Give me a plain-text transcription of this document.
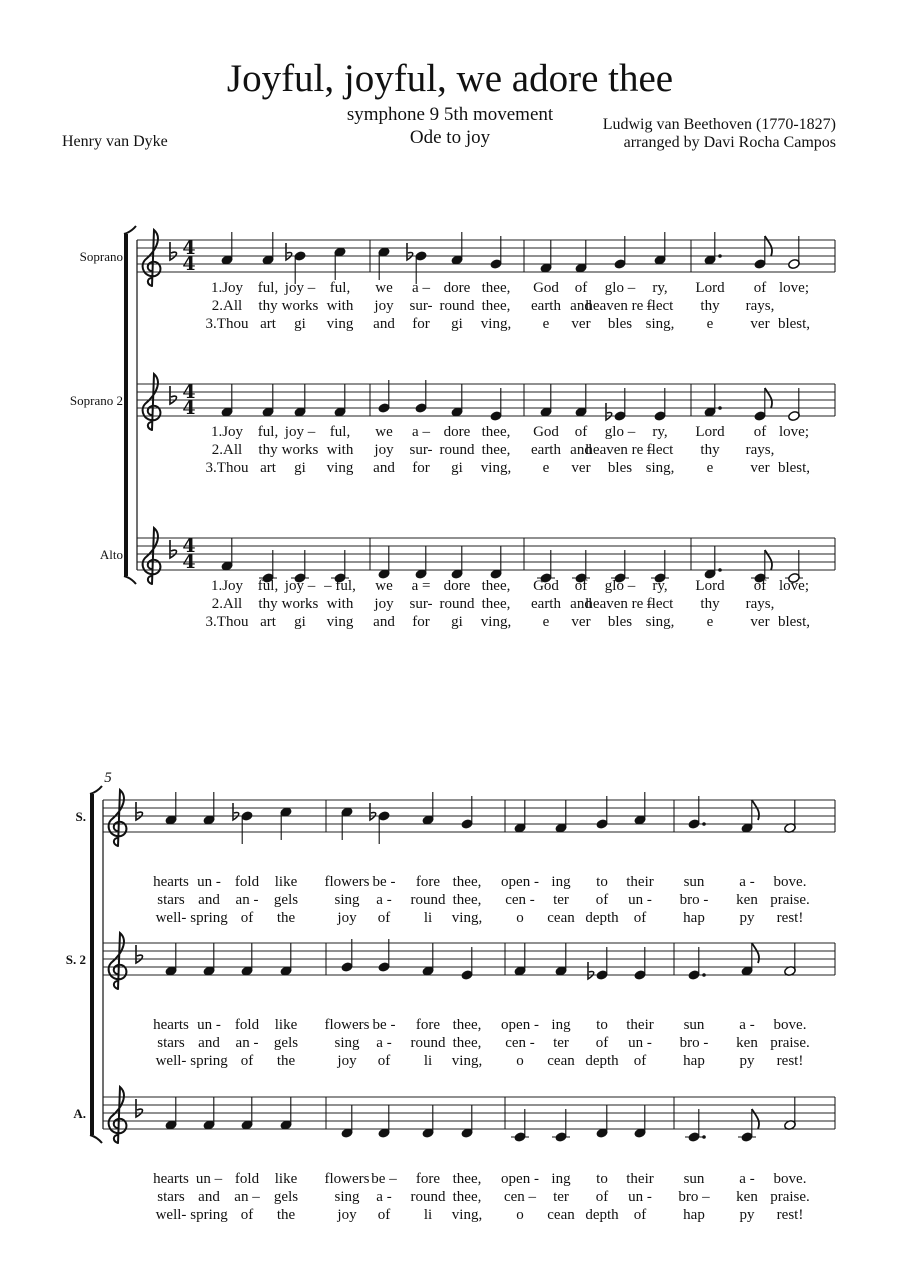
Joyful, joyful, we adore thee
symphone 9 5th movement
Ode to joy
Ludwig van Beethoven (1770-1827)
arranged by Davi Rocha Campos
Henry van Dyke
Soprano	4
4
1.Joy ful, joy – ful, we a – dore thee, God of glo – ry, Lord of love;
2.All thy works with joy sur- round thee, earth and
heaven re –
flect thy rays,
3.Thou art gi ving and for gi ving, e ver bles sing, e ver blest,
Soprano 2	4
4
1.Joy ful, joy – ful, we a – dore thee, God of glo – ry, Lord of love;
2.All thy works with joy sur- round thee, earth and
heaven re –
flect thy rays,
3.Thou art gi ving and for gi ving, e ver bles sing, e ver blest,
Alto	4
4
1.Joy ful, joy – – ful, we a = dore thee, God of glo – ry, Lord of love;
2.All thy works with joy sur- round thee, earth and
heaven re –
flect thy rays,
3.Thou art gi ving and for gi ving, e ver bles sing, e ver blest,
5
S.
hearts un - fold like flowers be - fore thee, open - ing to their sun a - bove.
stars and an - gels sing a - round thee, cen - ter of un - bro - ken praise.
well- spring of the	joy of li ving, o cean depth of hap py rest!
S. 2
hearts un - fold like flowers be - fore thee, open - ing to their sun a - bove.
stars and an - gels sing a - round thee, cen - ter of un - bro - ken praise.
well- spring of the	joy of li ving, o cean depth of hap py rest!
A.
hearts un – fold like flowers be – fore thee, open - ing to their sun a - bove.
stars and an – gels sing a - round thee, cen – ter of un - bro – ken praise.
well- spring of the	joy of li ving, o cean depth of hap py rest!
